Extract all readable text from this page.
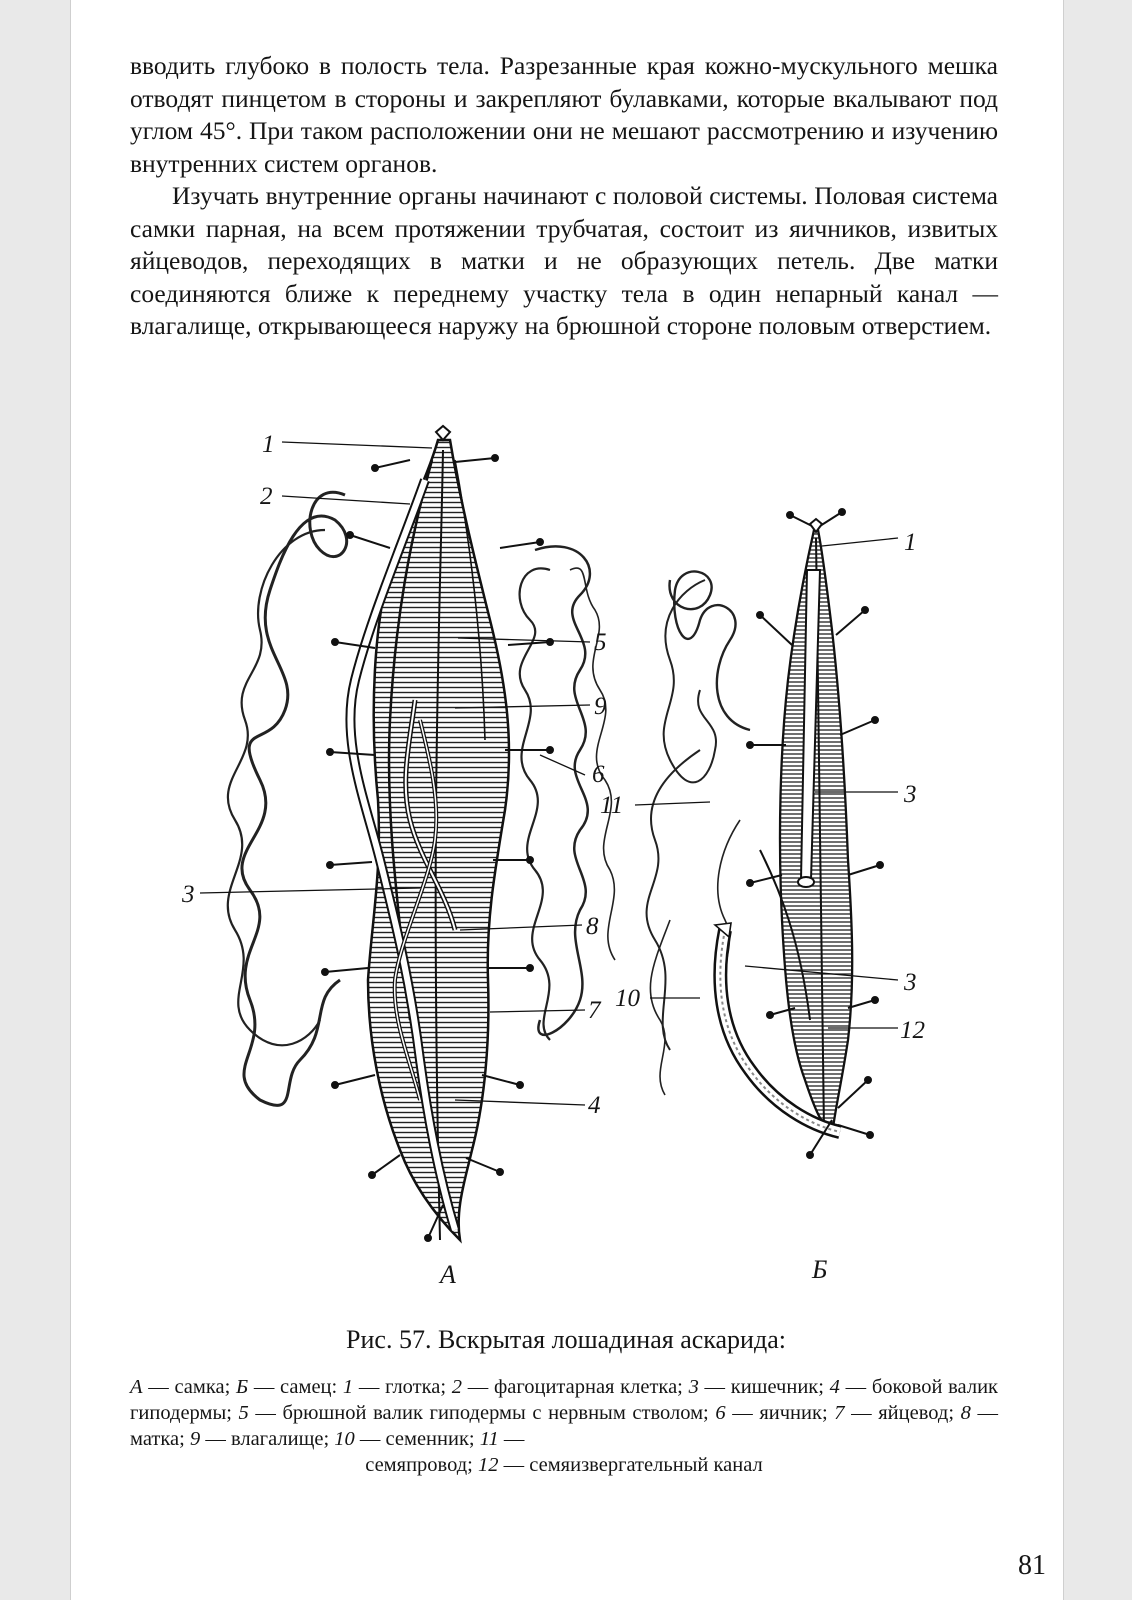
вводить глубоко в полость тела. Разрезанные края кожно-мускульного мешка отводят пинцетом в стороны и закрепляют булавками, которые вкалывают под углом 45°. При таком расположении они не мешают рассмотрению и изучению внутренних систем органов.

Изучать внутренние органы начинают с половой системы. Половая система самки парная, на всем протяжении трубчатая, состоит из яичников, извитых яйцеводов, переходящих в матки и не образующих петель. Две матки соединяются ближе к переднему участку тела в один непарный канал — влагалище, открывающееся наружу на брюшной стороне половым отверстием.

1
2
5
9
6
3
8
7
4
А
1
11	3
10
3
12
Б
Рис. 57. Вскрытая лошадиная аскарида:
А — самка; Б — самец: 1 — глотка; 2 — фагоцитарная клетка; 3 — кишечник; 4 — боковой валик гиподермы; 5 — брюшной валик гиподермы с нервным стволом; 6 — яичник; 7 — яйцевод; 8 — матка; 9 — влагалище; 10 — семенник; 11 —
семяпровод; 12 — семяизвергательный канал
81
